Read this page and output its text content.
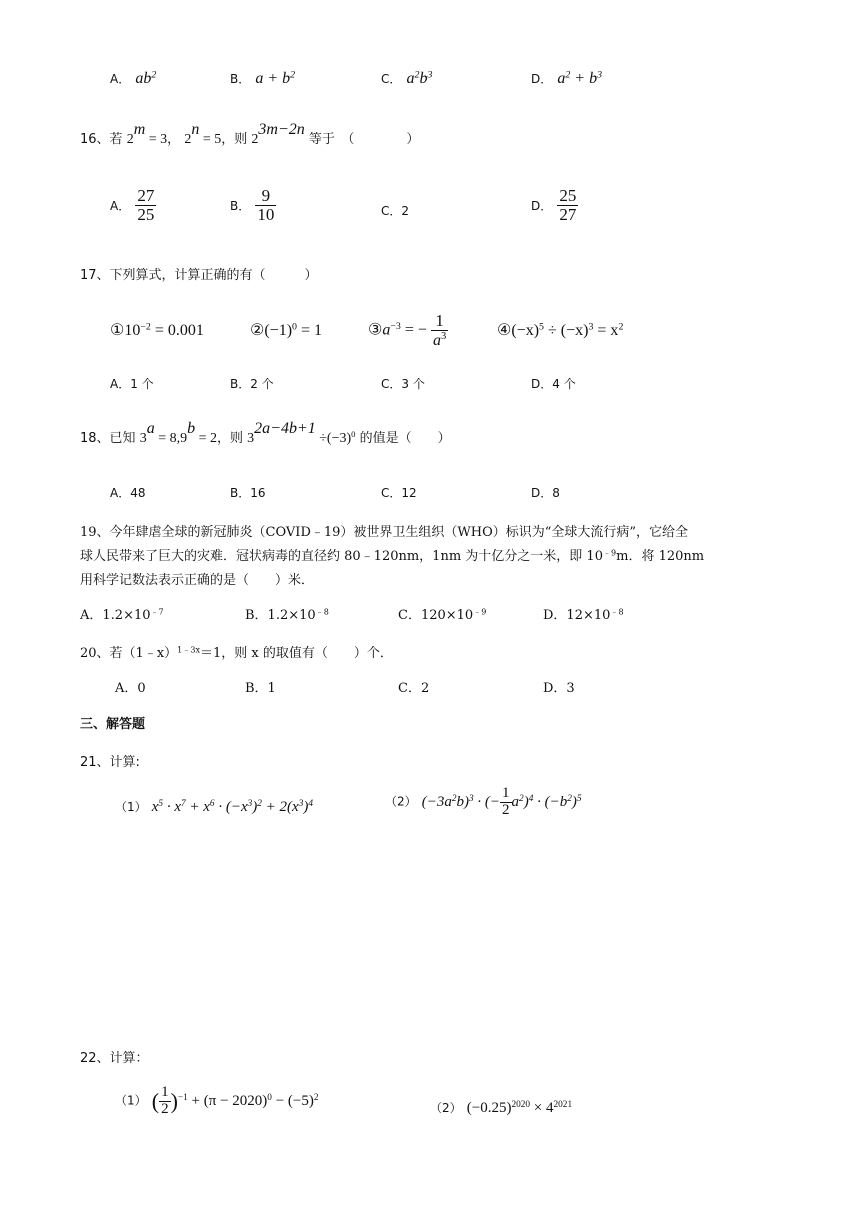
A． $ab^2$	B． $a + b^2$	C． $a^2b^3$	D． $a^2 + b^3$
16、若 $2^m = 3$， $2^n = 5$，则 $2^{3m-2n}$ 等于　（　　　　）
A． $\frac{27}{25}$	B． $\frac{9}{10}$	C．2	D． $\frac{25}{27}$
17、下列算式，计算正确的有（　　　）
$①10^{-2} = 0.001$	$②(-1)^0 = 1$	$③a^{-3}$ = − $\frac{1}{a^3}$	$④(-x)^5 \div (-x)^3 = x^2$
A．1 个	B．2 个	C．3 个	D．4 个
18、已知 $3^a = 8,9^b = 2$，则 $3^{2a-4b+1} \div(-3)^0$ 的值是（　　）
A．48	B．16	C．12	D．8
19、今年肆虐全球的新冠肺炎（COVID﹣19）被世界卫生组织（WHO）标识为“全球大流行病”，它给全
球人民带来了巨大的灾难．冠状病毒的直径约 80﹣120nm，1nm 为十亿分之一米，即 $10^{﹣9}m$．将 120nm
用科学记数法表示正确的是（　　）米．
A．$1.2\times 10^{﹣7}$	B．$1.2\times 10^{﹣8}$	C．$120\times 10^{﹣9}$	D．$12\times 10^{﹣8}$
20、若（1﹣x）$^{1﹣3x}$＝1，则 x 的取值有（　　）个．
A．0	B．1	C．2	D．3
三、解答题
21、计算:
（1） $x^5 \cdot x^7 + x^6 \cdot (-x^3)^2 + 2(x^3)^4$	（2） $(-3a^2b)^3$ · (− $\frac{1}{2} a^2)^4 \cdot (-b^2)^5$
22、计算：
（1） ( $\frac{1}{2} )^{-1} + (\pi - 2020)^0 - (-5)^2$
（2） $(-0.25)^{2020} \times 4^{2021}$
